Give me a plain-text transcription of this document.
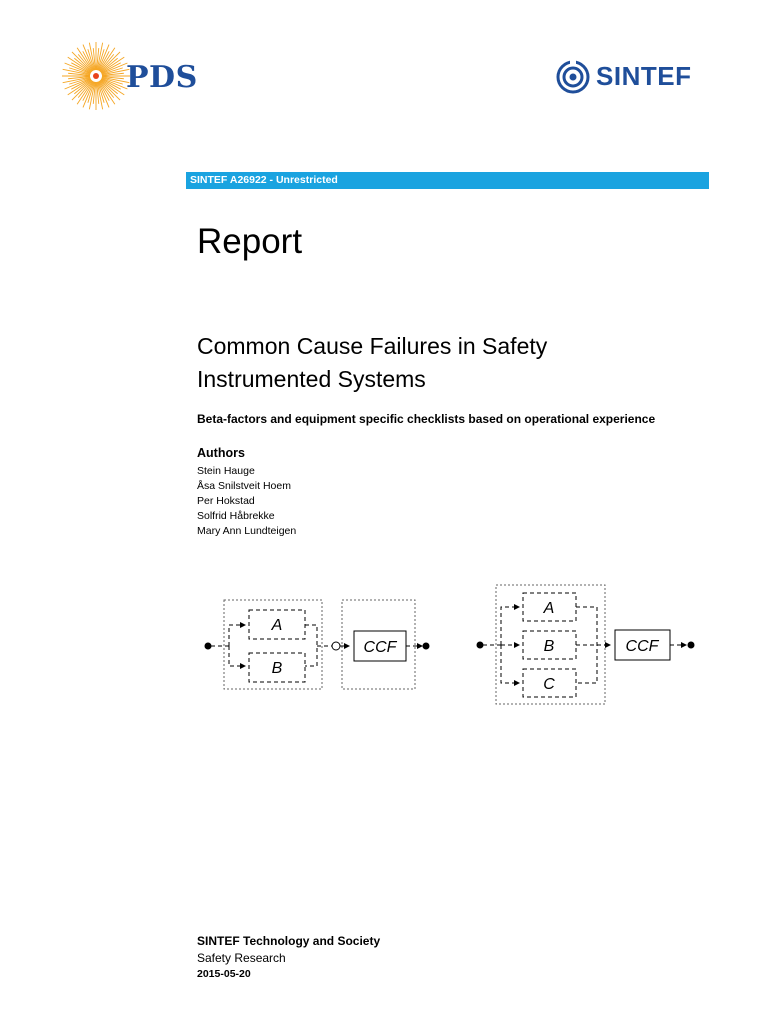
PDS	SINTEF
SINTEF A26922 - Unrestricted
Report
Common Cause Failures in Safety
Instrumented Systems
Beta-factors and equipment specific checklists based on operational experience
Authors
Stein Hauge
Åsa Snilstveit Hoem
Per Hokstad
Solfrid Håbrekke
Mary Ann Lundteigen
A
B
CCF
A
B
C
CCF
SINTEF Technology and Society
Safety Research
2015-05-20
